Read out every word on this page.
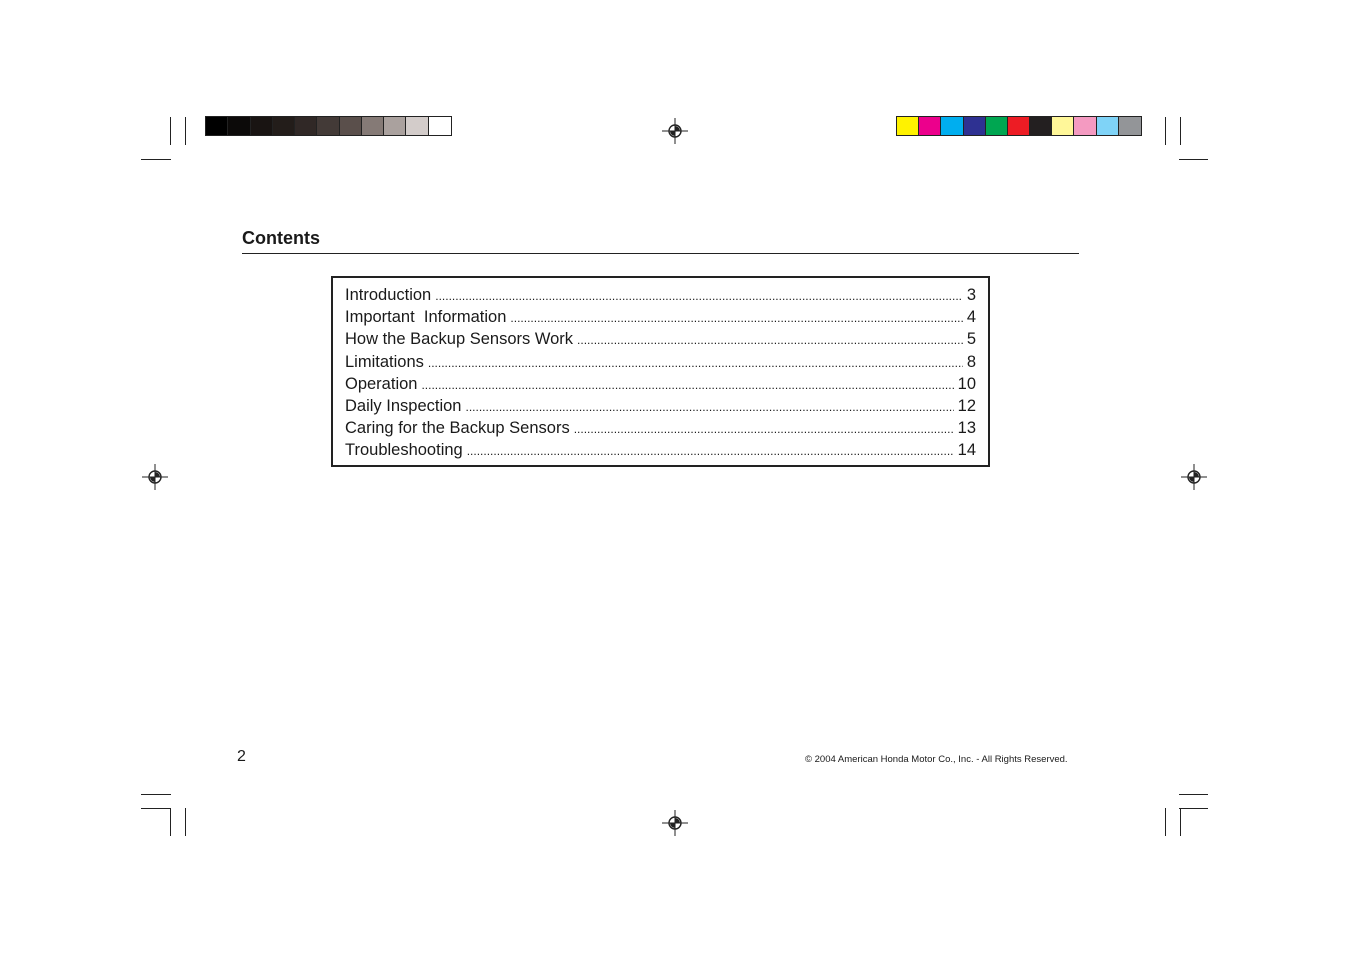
Contents
Introduction .....	3
Important  Information .....	4
How the Backup Sensors Work .....	5
Limitations .....	8
Operation .....	10
Daily Inspection .....	12
Caring for the Backup Sensors .....	13
Troubleshooting .....	14
2	© 2004 American Honda Motor Co., Inc. - All Rights Reserved.
